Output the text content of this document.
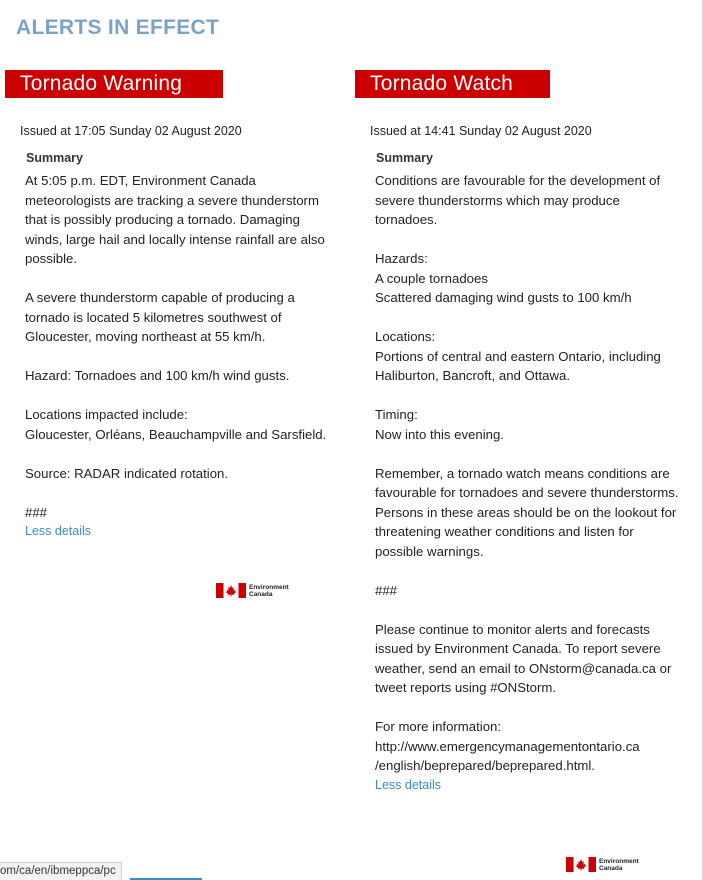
ALERTS IN EFFECT
Tornado Warning
Issued at 17:05 Sunday 02 August 2020
Summary
At 5:05 p.m. EDT, Environment Canada meteorologists are tracking a severe thunderstorm that is possibly producing a tornado. Damaging winds, large hail and locally intense rainfall are also possible.

A severe thunderstorm capable of producing a tornado is located 5 kilometres southwest of Gloucester, moving northeast at 55 km/h.

Hazard: Tornadoes and 100 km/h wind gusts.

Locations impacted include:
Gloucester, Orléans, Beauchampville and Sarsfield.

Source: RADAR indicated rotation.

###
Less details
Environment
Canada
Tornado Watch
Issued at 14:41 Sunday 02 August 2020
Summary
Conditions are favourable for the development of severe thunderstorms which may produce tornadoes.

Hazards:
A couple tornadoes
Scattered damaging wind gusts to 100 km/h

Locations:
Portions of central and eastern Ontario, including Haliburton, Bancroft, and Ottawa.

Timing:
Now into this evening.

Remember, a tornado watch means conditions are favourable for tornadoes and severe thunderstorms. Persons in these areas should be on the lookout for threatening weather conditions and listen for possible warnings.

###

Please continue to monitor alerts and forecasts issued by Environment Canada. To report severe weather, send an email to ONstorm@canada.ca or tweet reports using #ONStorm.

For more information:
http://www.emergencymanagementontario.ca
/english/beprepared/beprepared.html.
Less details
Environment
Canada
om/ca/en/ibmeppca/pc
